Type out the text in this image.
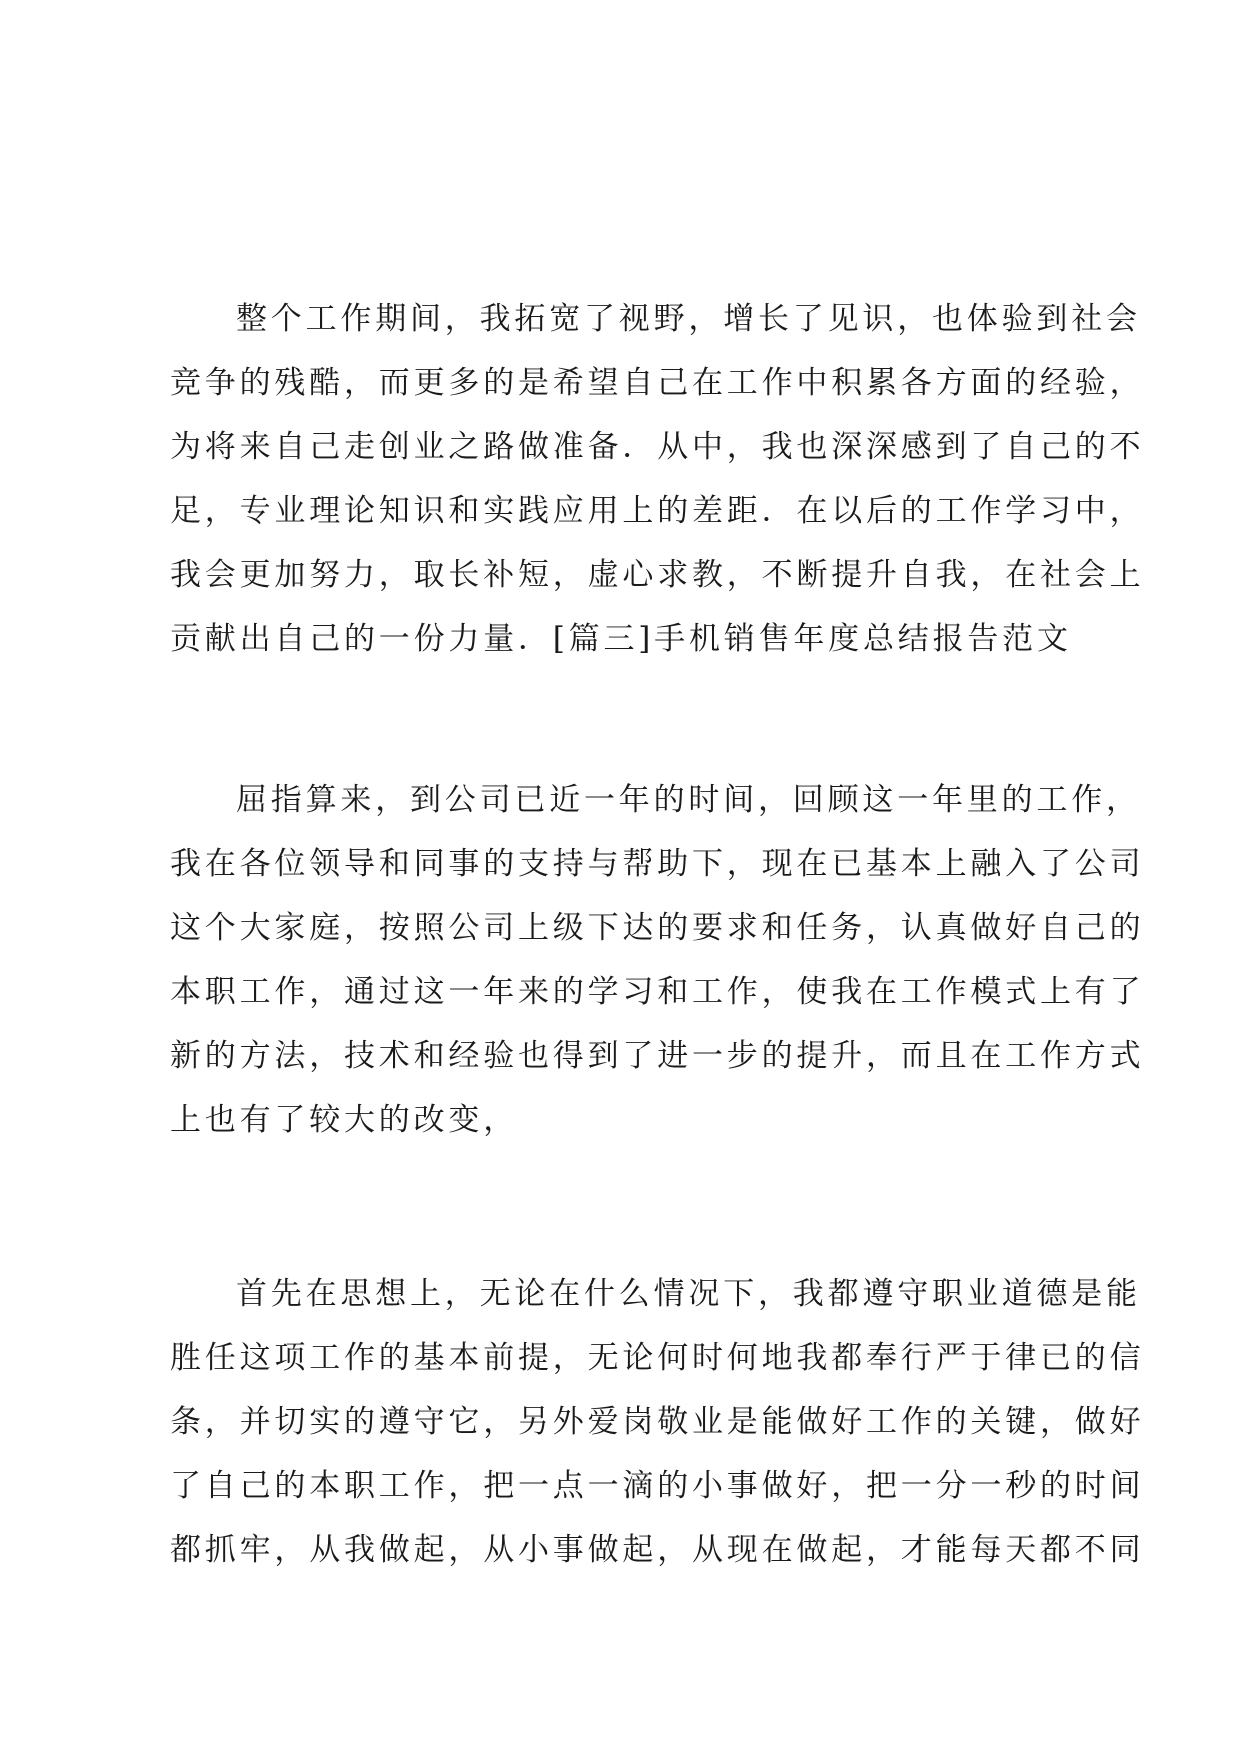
整个工作期间，我拓宽了视野，增长了见识，也体验到社会
竞争的残酷，而更多的是希望自己在工作中积累各方面的经验，
为将来自己走创业之路做准备．从中，我也深深感到了自己的不
足，专业理论知识和实践应用上的差距．在以后的工作学习中，
我会更加努力，取长补短，虚心求教，不断提升自我，在社会上
贡献出自己的一份力量．[篇三]手机销售年度总结报告范文
屈指算来，到公司已近一年的时间，回顾这一年里的工作，
我在各位领导和同事的支持与帮助下，现在已基本上融入了公司
这个大家庭，按照公司上级下达的要求和任务，认真做好自己的
本职工作，通过这一年来的学习和工作，使我在工作模式上有了
新的方法，技术和经验也得到了进一步的提升，而且在工作方式
上也有了较大的改变，
首先在思想上，无论在什么情况下，我都遵守职业道德是能
胜任这项工作的基本前提，无论何时何地我都奉行严于律已的信
条，并切实的遵守它，另外爱岗敬业是能做好工作的关键，做好
了自己的本职工作，把一点一滴的小事做好，把一分一秒的时间
都抓牢，从我做起，从小事做起，从现在做起，才能每天都不同
